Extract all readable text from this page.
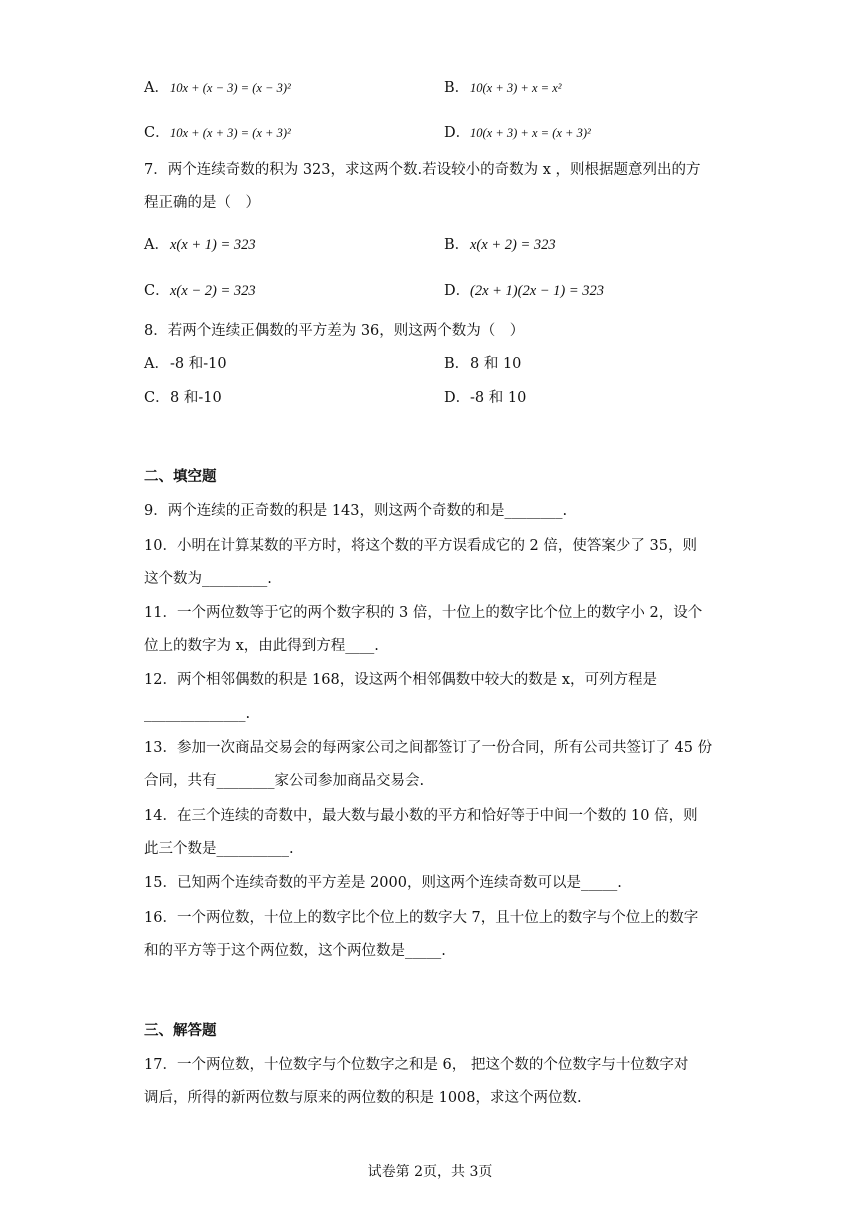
A．10x + (x − 3) = (x − 3)²	B．10(x + 3) + x = x²
C．10x + (x + 3) = (x + 3)²	D．10(x + 3) + x = (x + 3)²
7．两个连续奇数的积为 323，求这两个数.若设较小的奇数为 x ，则根据题意列出的方
程正确的是（　）
A．x(x + 1) = 323	B．x(x + 2) = 323
C．x(x − 2) = 323	D．(2x + 1)(2x − 1) = 323
8．若两个连续正偶数的平方差为 36，则这两个数为（　）
A．-8 和-10	B．8 和 10
C．8 和-10	D．-8 和 10
二、填空题
9．两个连续的正奇数的积是 143，则这两个奇数的和是________.
10．小明在计算某数的平方时，将这个数的平方误看成它的 2 倍，使答案少了 35，则
这个数为_________.
11．一个两位数等于它的两个数字积的 3 倍，十位上的数字比个位上的数字小 2，设个
位上的数字为 x，由此得到方程____.
12．两个相邻偶数的积是 168，设这两个相邻偶数中较大的数是 x，可列方程是
______________.
13．参加一次商品交易会的每两家公司之间都签订了一份合同，所有公司共签订了 45 份
合同，共有________家公司参加商品交易会.
14．在三个连续的奇数中，最大数与最小数的平方和恰好等于中间一个数的 10 倍，则
此三个数是__________.
15．已知两个连续奇数的平方差是 2000，则这两个连续奇数可以是_____.
16．一个两位数，十位上的数字比个位上的数字大 7，且十位上的数字与个位上的数字
和的平方等于这个两位数，这个两位数是_____.
三、解答题
17．一个两位数，十位数字与个位数字之和是 6， 把这个数的个位数字与十位数字对
调后，所得的新两位数与原来的两位数的积是 1008，求这个两位数.
试卷第 2页，共 3页
